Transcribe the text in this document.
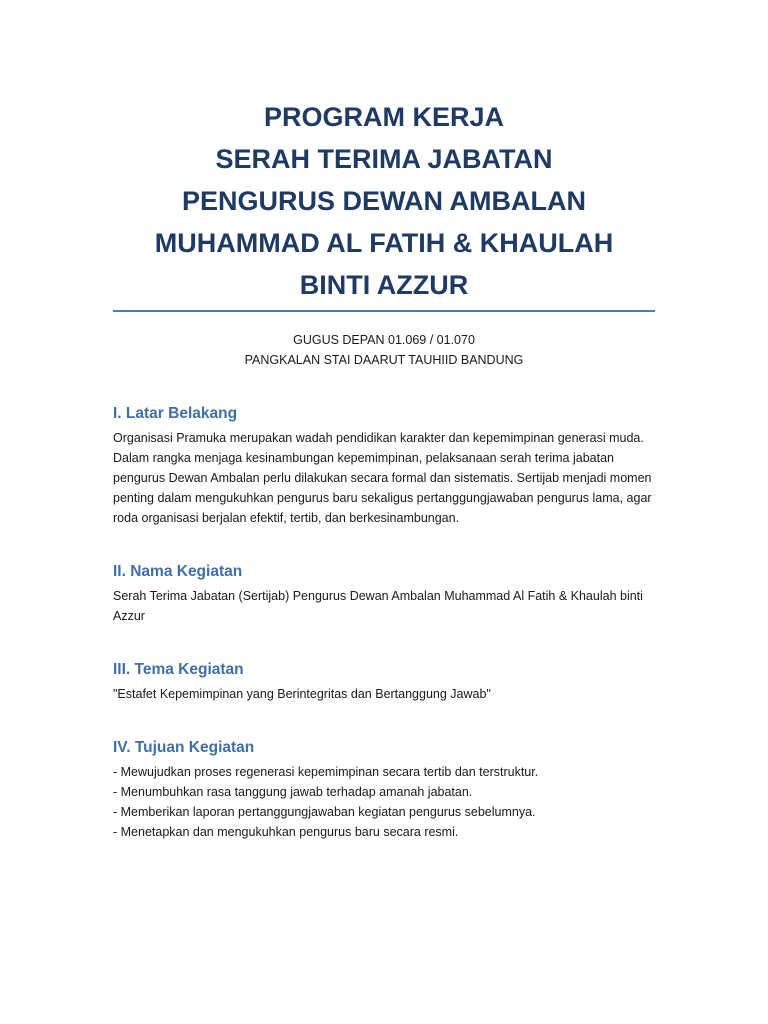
PROGRAM KERJA
SERAH TERIMA JABATAN
PENGURUS DEWAN AMBALAN
MUHAMMAD AL FATIH & KHAULAH
BINTI AZZUR
GUGUS DEPAN 01.069 / 01.070
PANGKALAN STAI DAARUT TAUHIID BANDUNG
I. Latar Belakang

Organisasi Pramuka merupakan wadah pendidikan karakter dan kepemimpinan generasi muda. Dalam rangka menjaga kesinambungan kepemimpinan, pelaksanaan serah terima jabatan pengurus Dewan Ambalan perlu dilakukan secara formal dan sistematis. Sertijab menjadi momen penting dalam mengukuhkan pengurus baru sekaligus pertanggungjawaban pengurus lama, agar roda organisasi berjalan efektif, tertib, dan berkesinambungan.

II. Nama Kegiatan

Serah Terima Jabatan (Sertijab) Pengurus Dewan Ambalan Muhammad Al Fatih & Khaulah binti Azzur

III. Tema Kegiatan

"Estafet Kepemimpinan yang Berintegritas dan Bertanggung Jawab"

IV. Tujuan Kegiatan
- Mewujudkan proses regenerasi kepemimpinan secara tertib dan terstruktur.
- Menumbuhkan rasa tanggung jawab terhadap amanah jabatan.
- Memberikan laporan pertanggungjawaban kegiatan pengurus sebelumnya.
- Menetapkan dan mengukuhkan pengurus baru secara resmi.
